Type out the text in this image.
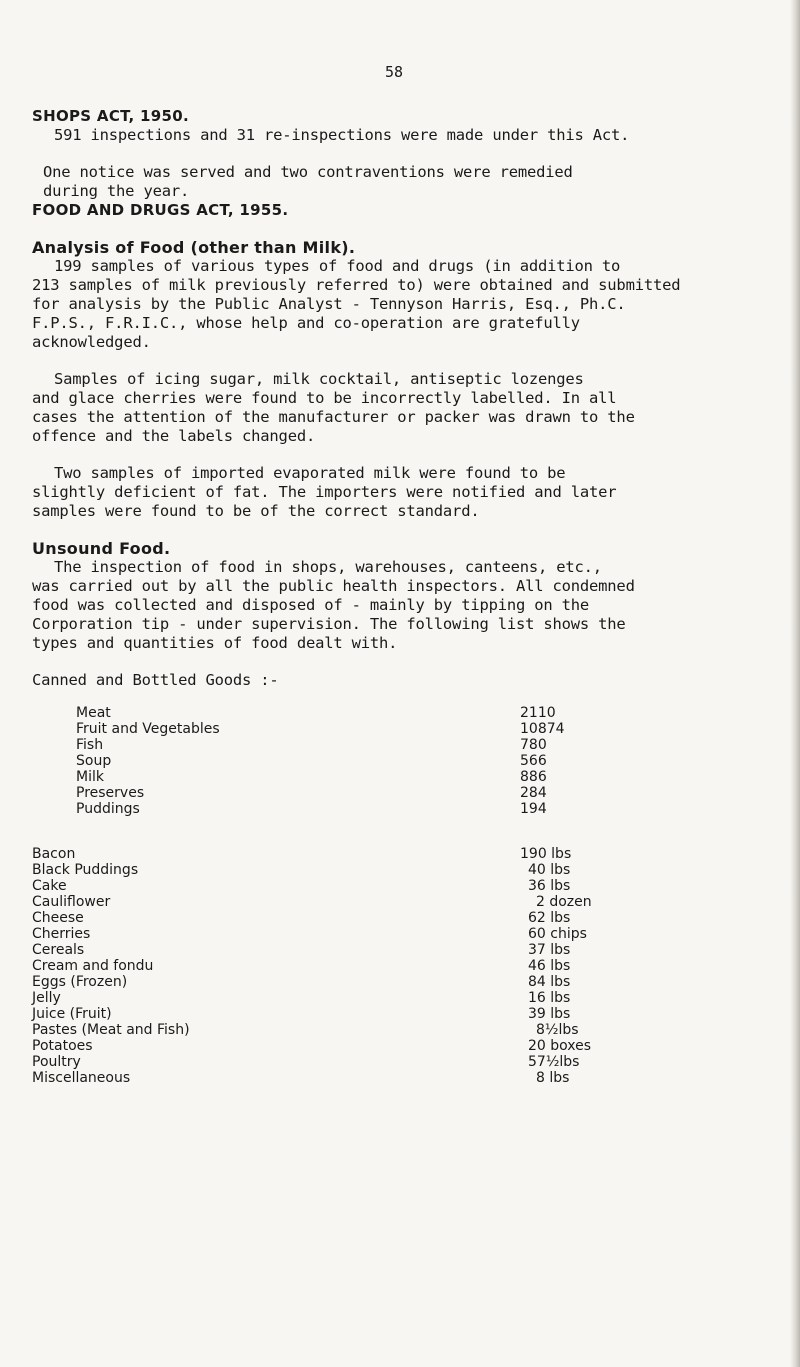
58
SHOPS ACT, 1950.
591 inspections and 31 re-inspections were made under this Act.
One notice was served and two contraventions were remedied
during the year.
FOOD AND DRUGS ACT, 1955.
Analysis of Food (other than Milk).
199 samples of various types of food and drugs (in addition to
213 samples of milk previously referred to) were obtained and submitted
for analysis by the Public Analyst - Tennyson Harris, Esq., Ph.C.
F.P.S., F.R.I.C., whose help and co-operation are gratefully
acknowledged.
Samples of icing sugar, milk cocktail, antiseptic lozenges
and glace cherries were found to be incorrectly labelled. In all
cases the attention of the manufacturer or packer was drawn to the
offence and the labels changed.
Two samples of imported evaporated milk were found to be
slightly deficient of fat. The importers were notified and later
samples were found to be of the correct standard.
Unsound Food.
The inspection of food in shops, warehouses, canteens, etc.,
was carried out by all the public health inspectors. All condemned
food was collected and disposed of - mainly by tipping on the
Corporation tip - under supervision. The following list shows the
types and quantities of food dealt with.
Canned and Bottled Goods :-
Meat	2110
Fruit and Vegetables	10874
Fish	780
Soup	566
Milk	886
Preserves	284
Puddings	194
Bacon	190 lbs
Black Puddings	40 lbs
Cake	36 lbs
Cauliflower	2 dozen
Cheese	62 lbs
Cherries	60 chips
Cereals	37 lbs
Cream and fondu	46 lbs
Eggs (Frozen)	84 lbs
Jelly	16 lbs
Juice (Fruit)	39 lbs
Pastes (Meat and Fish)	8½lbs
Potatoes	20 boxes
Poultry	57½lbs
Miscellaneous	8 lbs
